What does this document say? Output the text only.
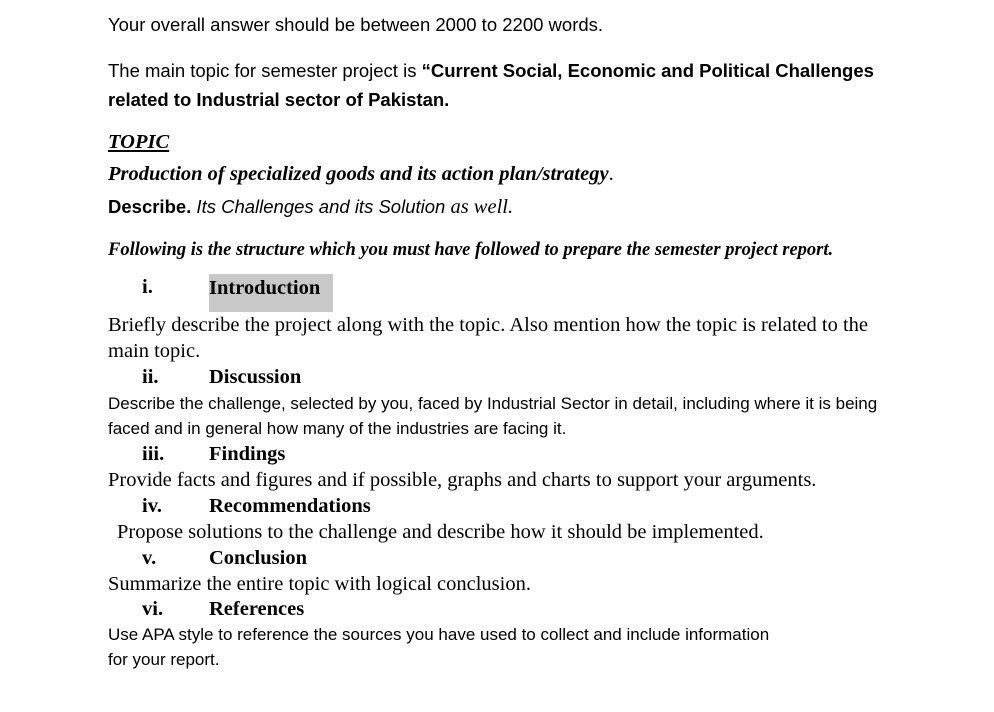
Your overall answer should be between 2000 to 2200 words.
The main topic for semester project is “Current Social, Economic and Political Challenges
related to Industrial sector of Pakistan.
TOPIC
Production of specialized goods and its action plan/strategy.
Describe. Its Challenges and its Solution as well.
Following is the structure which you must have followed to prepare the semester project report.
i.	Introduction
Briefly describe the project along with the topic. Also mention how the topic is related to the
main topic.
ii. Discussion
Describe the challenge, selected by you, faced by Industrial Sector in detail, including where it is being
faced and in general how many of the industries are facing it.
iii. Findings
Provide facts and figures and if possible, graphs and charts to support your arguments.
iv. Recommendations
Propose solutions to the challenge and describe how it should be implemented.
v.	Conclusion
Summarize the entire topic with logical conclusion.
vi. References
Use APA style to reference the sources you have used to collect and include information
for your report.
